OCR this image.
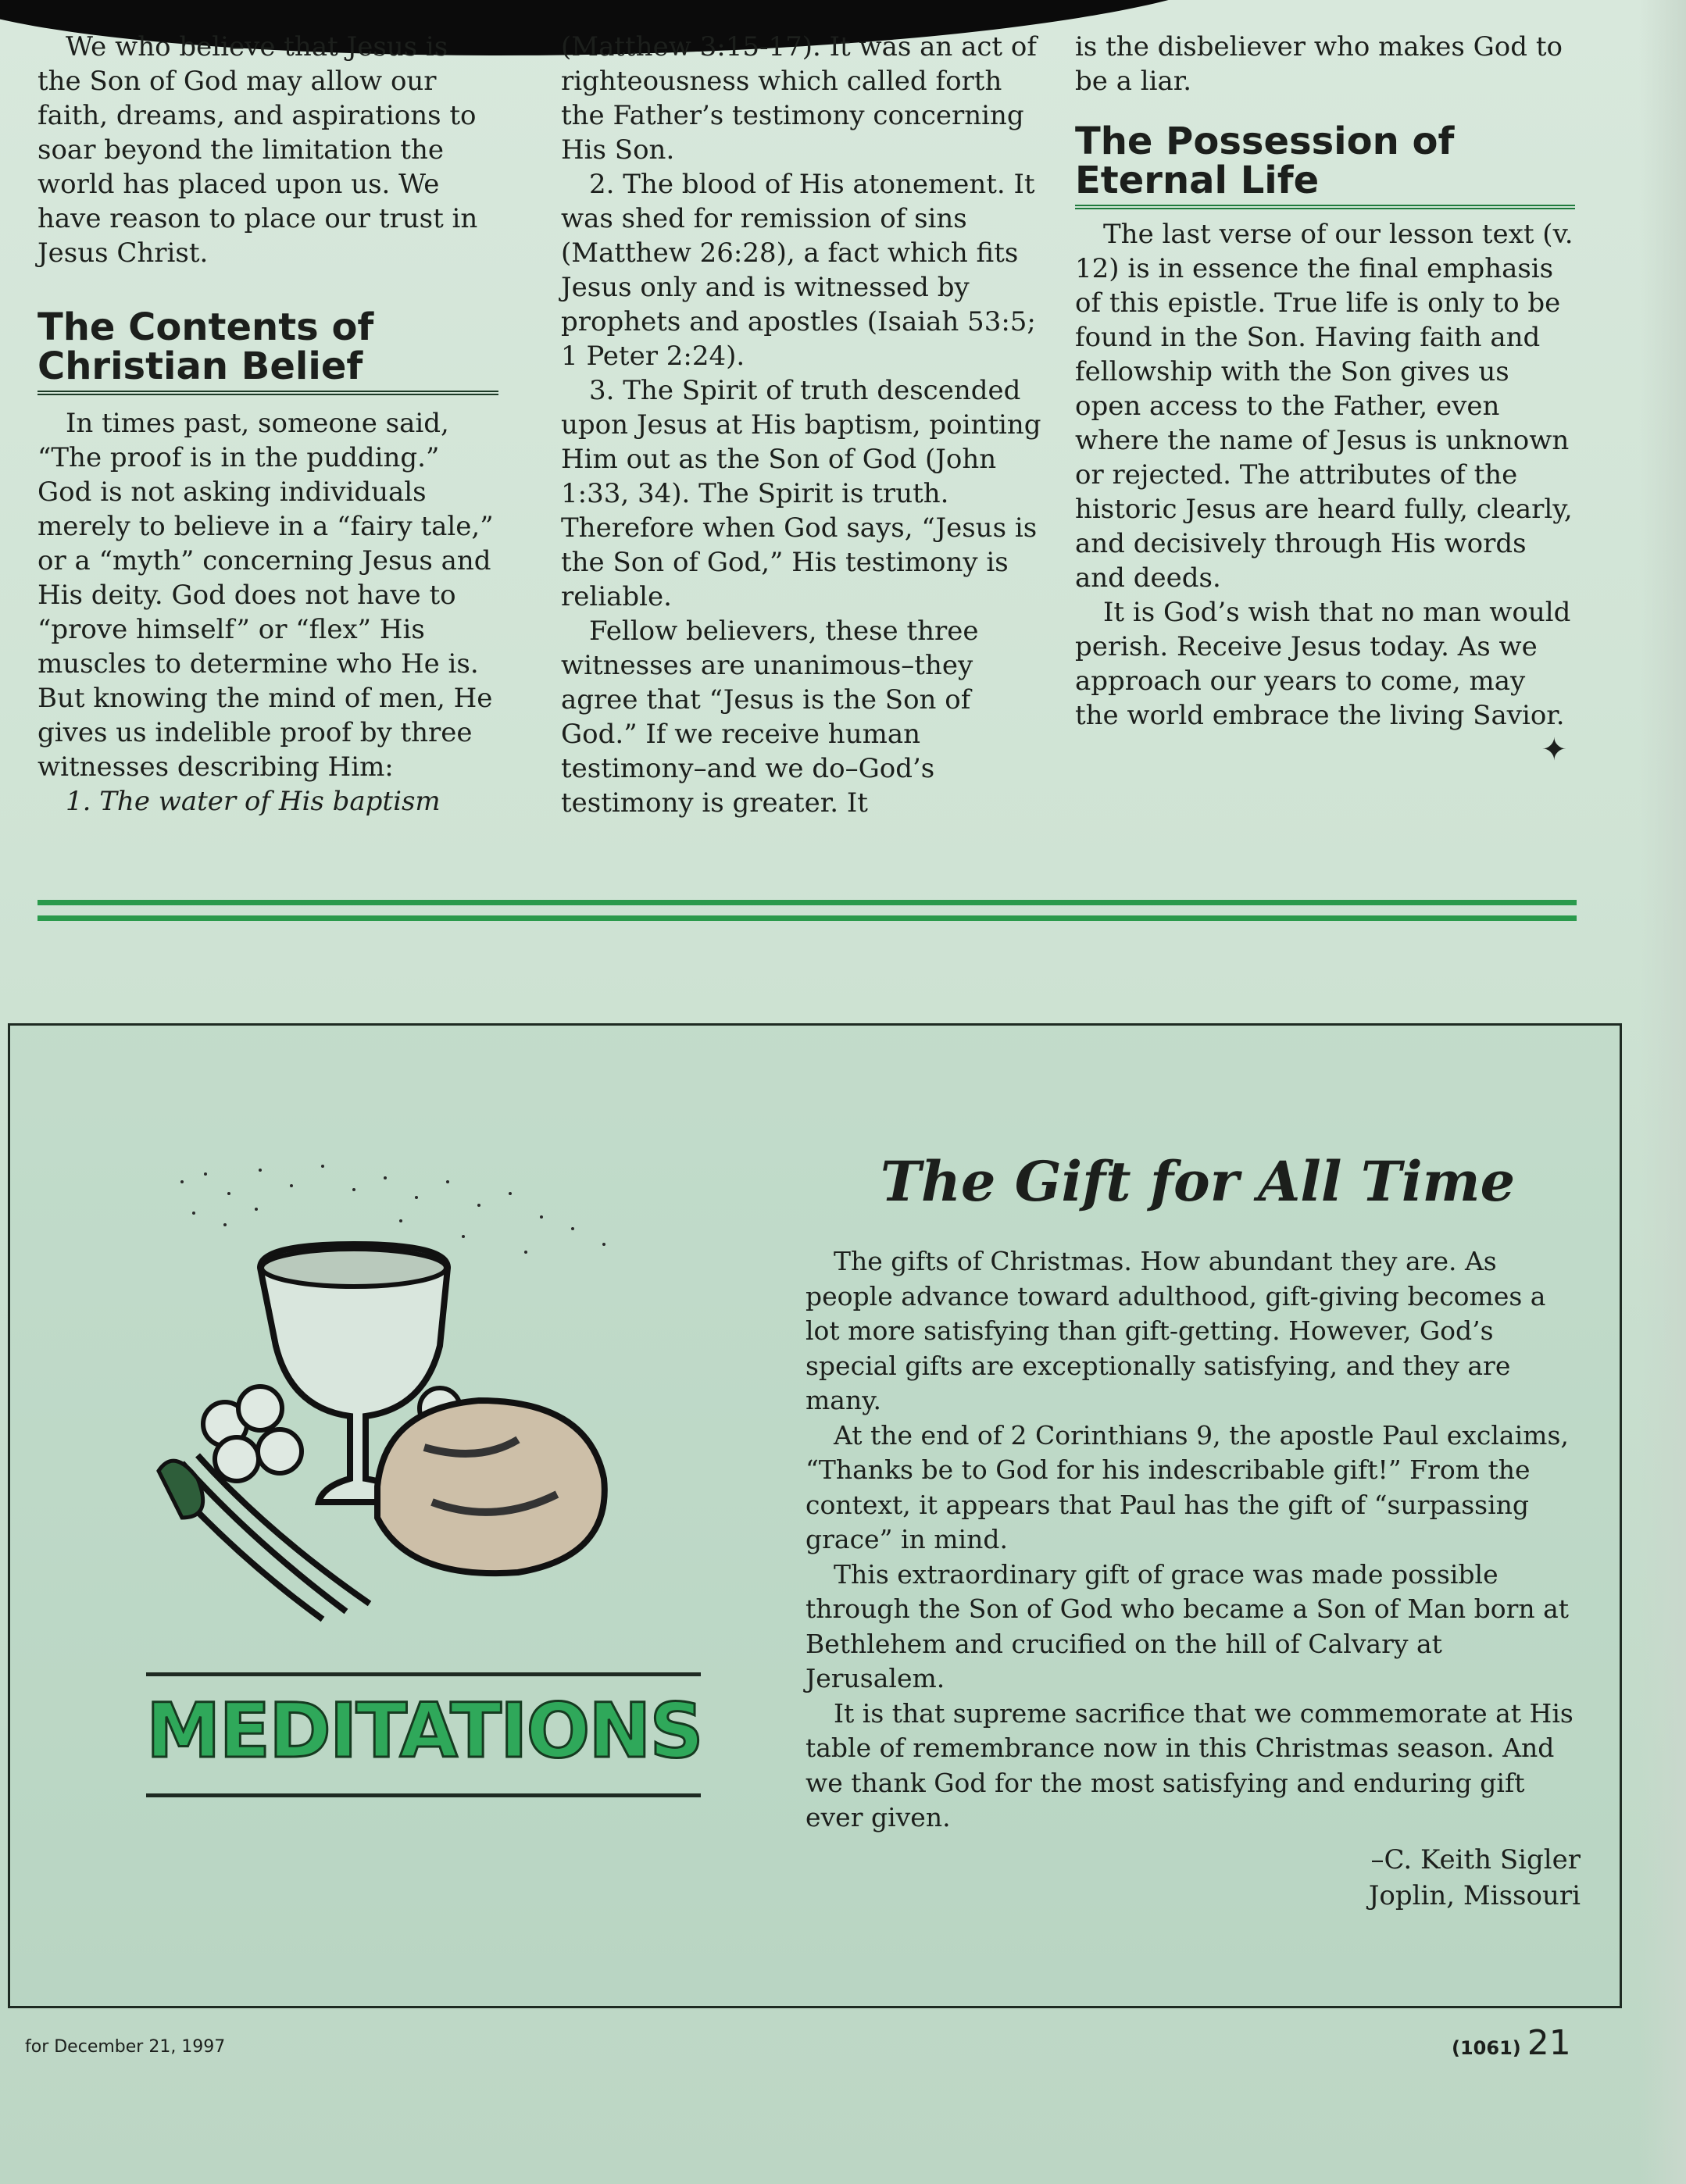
We who believe that Jesus is the Son of God may allow our faith, dreams, and aspirations to soar beyond the limitation the world has placed upon us. We have reason to place our trust in Jesus Christ.

The Contents of Christian Belief

In times past, someone said, “The proof is in the pudding.” God is not asking individuals merely to believe in a “fairy tale,” or a “myth” concerning Jesus and His deity. God does not have to “prove himself” or “flex” His muscles to determine who He is. But knowing the mind of men, He gives us indelible proof by three witnesses describing Him:

1. The water of His baptism

(Matthew 3:15-17). It was an act of righteousness which called forth the Father’s testimony concerning His Son.

2. The blood of His atonement. It was shed for remission of sins (Matthew 26:28), a fact which fits Jesus only and is witnessed by prophets and apostles (Isaiah 53:5; 1 Peter 2:24).

3. The Spirit of truth descended upon Jesus at His baptism, pointing Him out as the Son of God (John 1:33, 34). The Spirit is truth. Therefore when God says, “Jesus is the Son of God,” His testimony is reliable.

Fellow believers, these three witnesses are unanimous–they agree that “Jesus is the Son of God.” If we receive human testimony–and we do–God’s testimony is greater. It

is the disbeliever who makes God to be a liar.

The Possession of Eternal Life

The last verse of our lesson text (v. 12) is in essence the final emphasis of this epistle. True life is only to be found in the Son. Having faith and fellowship with the Son gives us open access to the Father, even where the name of Jesus is unknown or rejected. The attributes of the historic Jesus are heard fully, clearly, and decisively through His words and deeds.

It is God’s wish that no man would perish. Receive Jesus today. As we approach our years to come, may the world embrace the living Savior.
✦

MEDITATIONS
The Gift for All Time

The gifts of Christmas. How abundant they are. As people advance toward adulthood, gift-giving becomes a lot more satisfying than gift-getting. However, God’s special gifts are exceptionally satisfying, and they are many.

At the end of 2 Corinthians 9, the apostle Paul exclaims, “Thanks be to God for his indescribable gift!” From the context, it appears that Paul has the gift of “surpassing grace” in mind.

This extraordinary gift of grace was made possible through the Son of God who became a Son of Man born at Bethlehem and crucified on the hill of Calvary at Jerusalem.

It is that supreme sacrifice that we commemorate at His table of remembrance now in this Christmas season. And we thank God for the most satisfying and enduring gift ever given.

–C. Keith Sigler
Joplin, Missouri
for December 21, 1997	(1061) 21
